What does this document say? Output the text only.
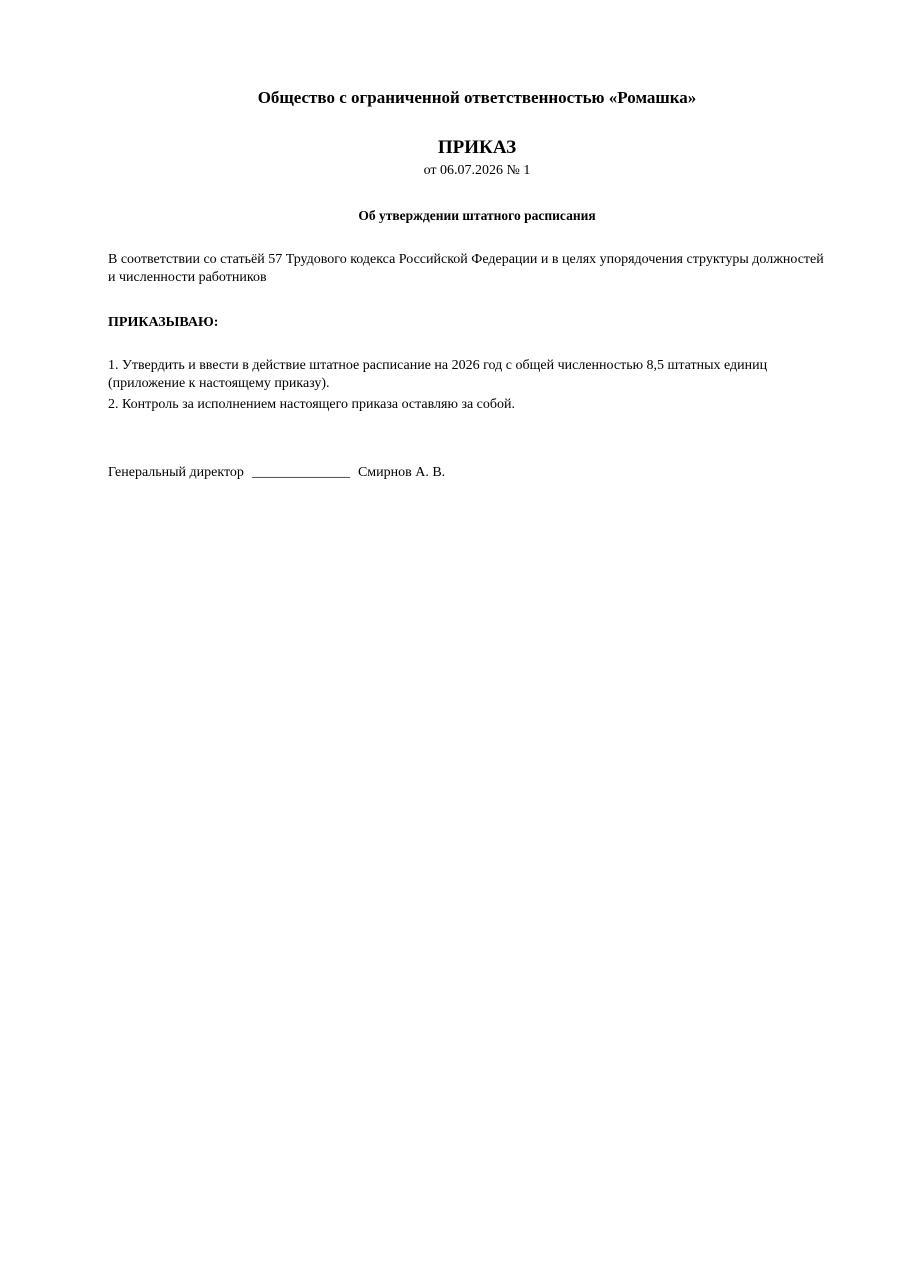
Общество с ограниченной ответственностью «Ромашка»
ПРИКАЗ
от 06.07.2026 № 1
Об утверждении штатного расписания
В соответствии со статьёй 57 Трудового кодекса Российской Федерации и в целях упорядочения структуры должностей и численности работников
ПРИКАЗЫВАЮ:
1. Утвердить и ввести в действие штатное расписание на 2026 год с общей численностью 8,5 штатных единиц (приложение к настоящему приказу).
2. Контроль за исполнением настоящего приказа оставляю за собой.
Генеральный директор ______________ Смирнов А. В.
